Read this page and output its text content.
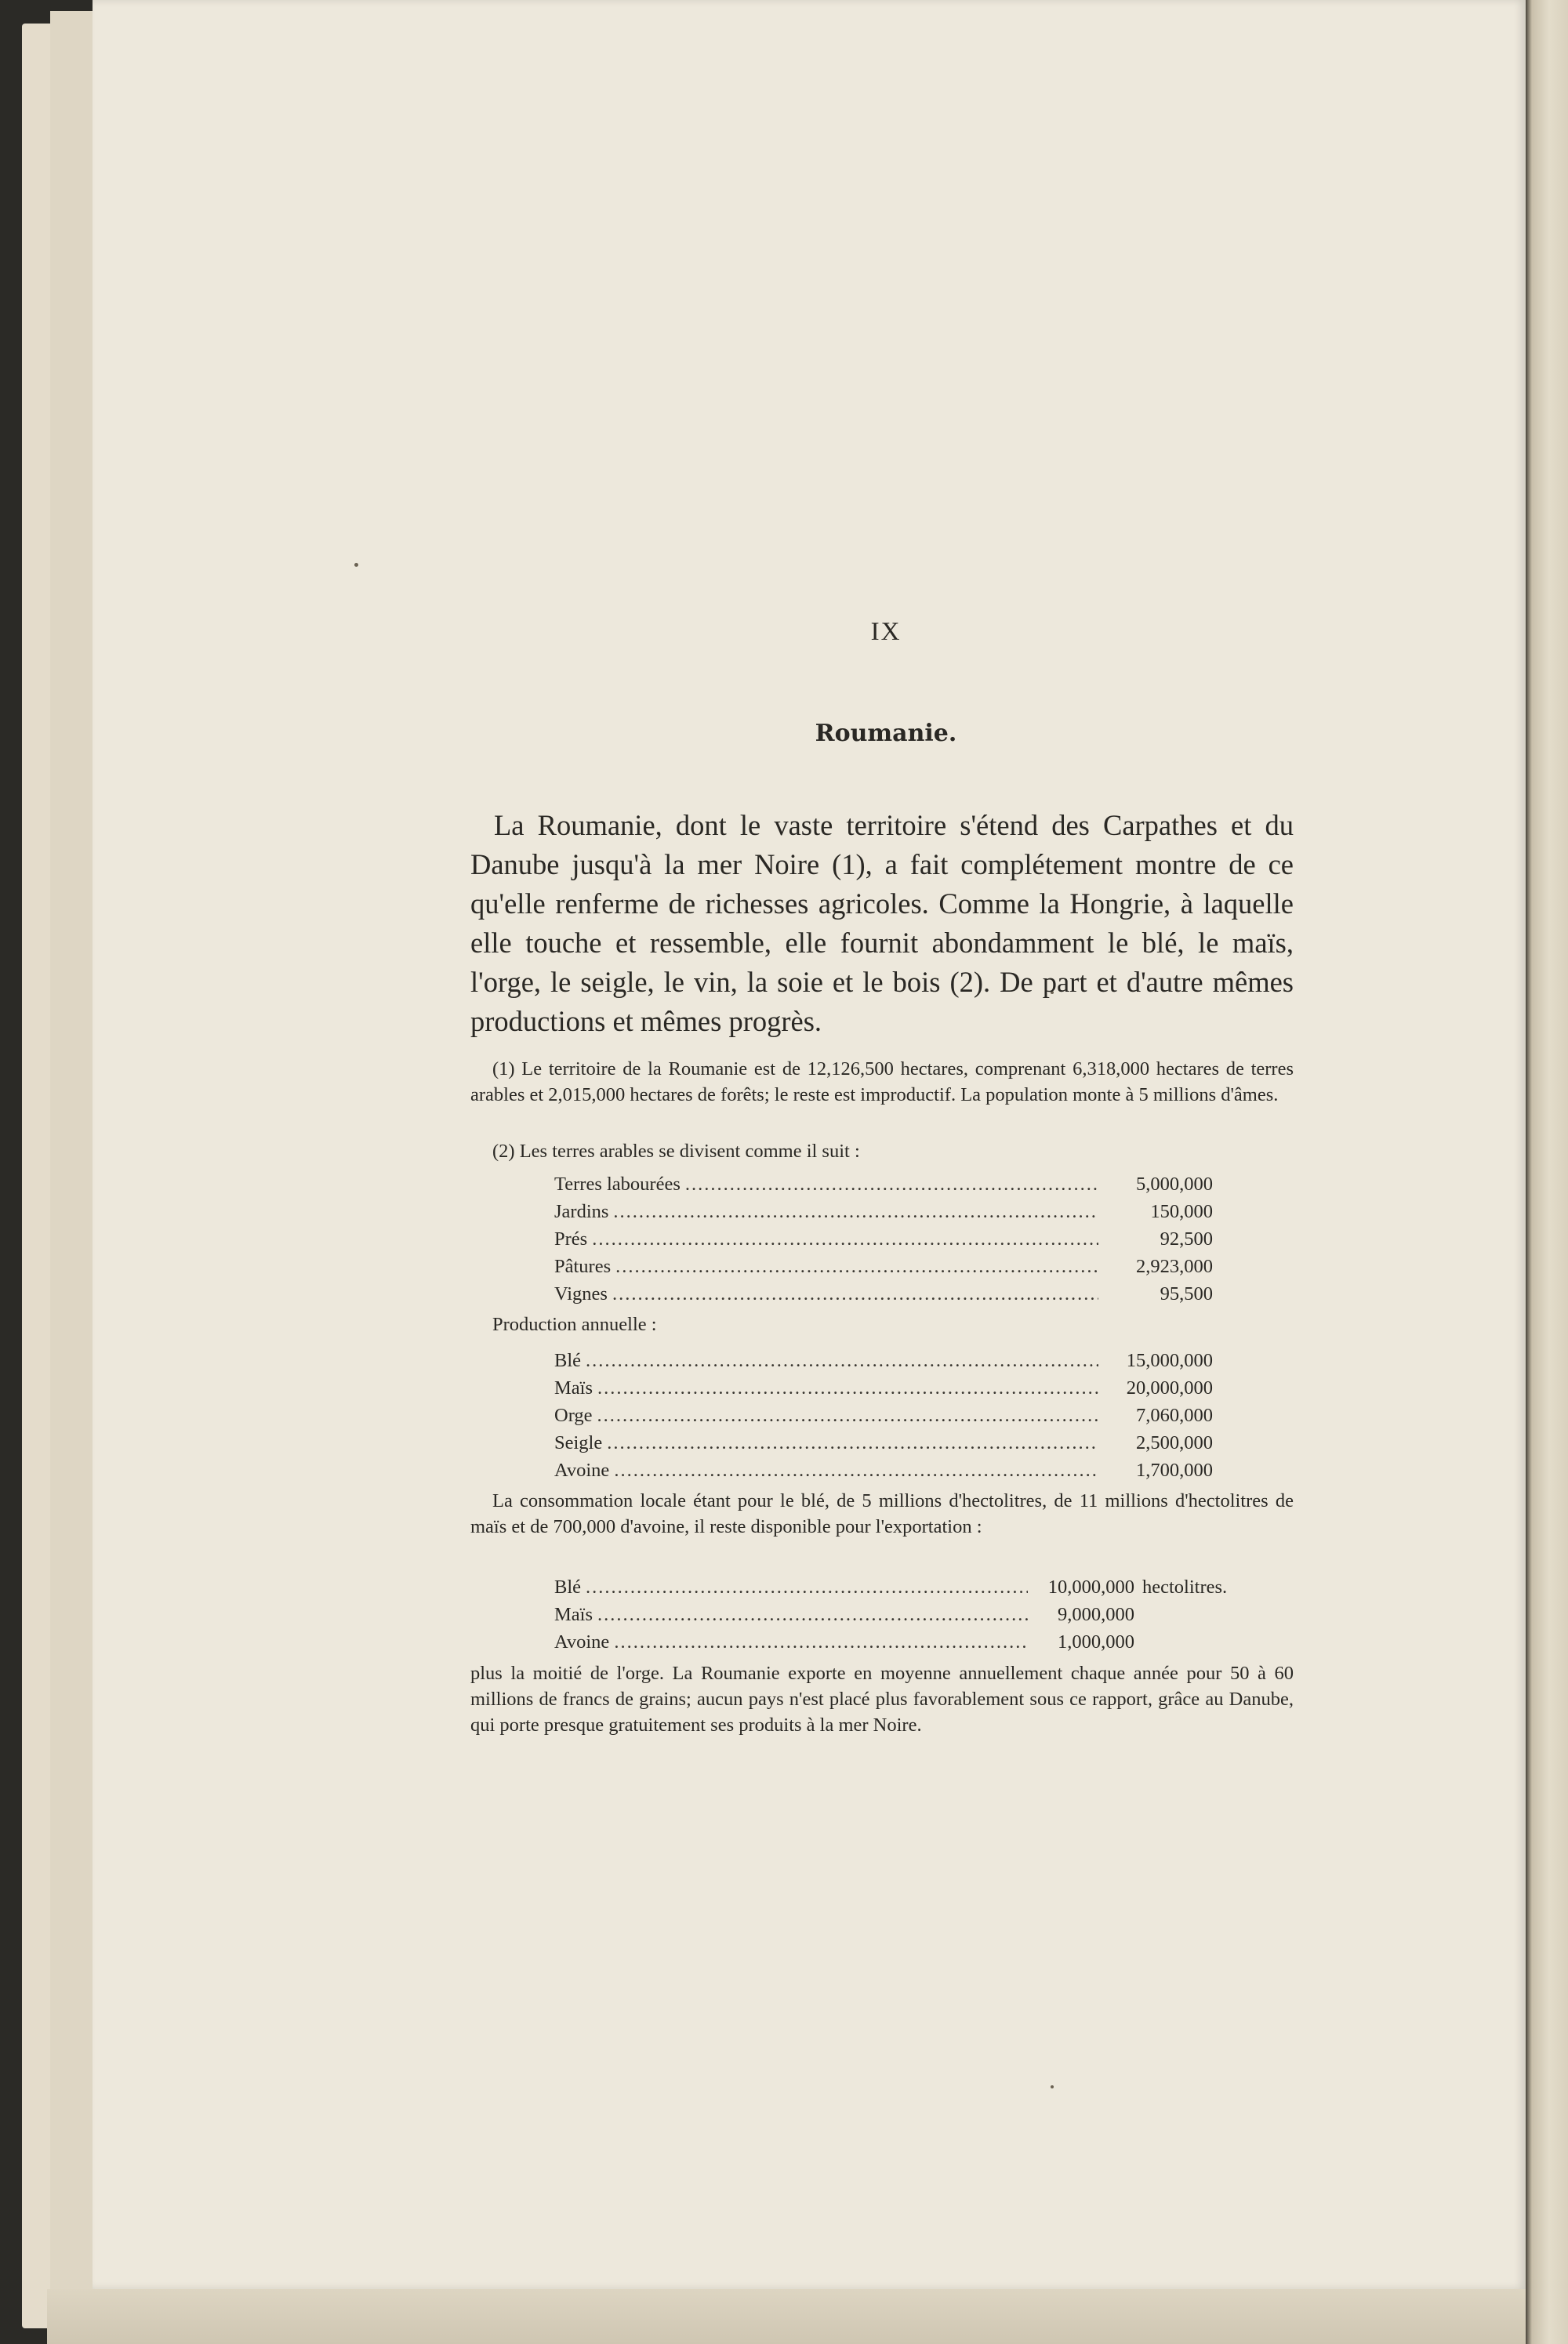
IX
Roumanie.

La Roumanie, dont le vaste territoire s'étend des Carpathes et du Danube jusqu'à la mer Noire (1), a fait complétement montre de ce qu'elle renferme de richesses agricoles. Comme la Hongrie, à laquelle elle touche et ressemble, elle fournit abondamment le blé, le maïs, l'orge, le seigle, le vin, la soie et le bois (2). De part et d'autre mêmes productions et mêmes progrès.

(1) Le territoire de la Roumanie est de 12,126,500 hectares, comprenant 6,318,000 hectares de terres arables et 2,015,000 hectares de forêts; le reste est improductif. La population monte à 5 millions d'âmes.

(2) Les terres arables se divisent comme il suit :

Terres labourées .....	5,000,000
Jardins .....	150,000
Prés .....	92,500
Pâtures .....	2,923,000
Vignes .....	95,500
Production annuelle :
Blé .....	15,000,000
Maïs .....	20,000,000
Orge .....	7,060,000
Seigle .....	2,500,000
Avoine .....	1,700,000

La consommation locale étant pour le blé, de 5 millions d'hectolitres, de 11 millions d'hectolitres de maïs et de 700,000 d'avoine, il reste disponible pour l'exportation :

Blé .....	10,000,000 hectolitres.
Maïs .....	9,000,000
Avoine .....	1,000,000

plus la moitié de l'orge. La Roumanie exporte en moyenne annuellement chaque année pour 50 à 60 millions de francs de grains; aucun pays n'est placé plus favorablement sous ce rapport, grâce au Danube, qui porte presque gratuitement ses produits à la mer Noire.
